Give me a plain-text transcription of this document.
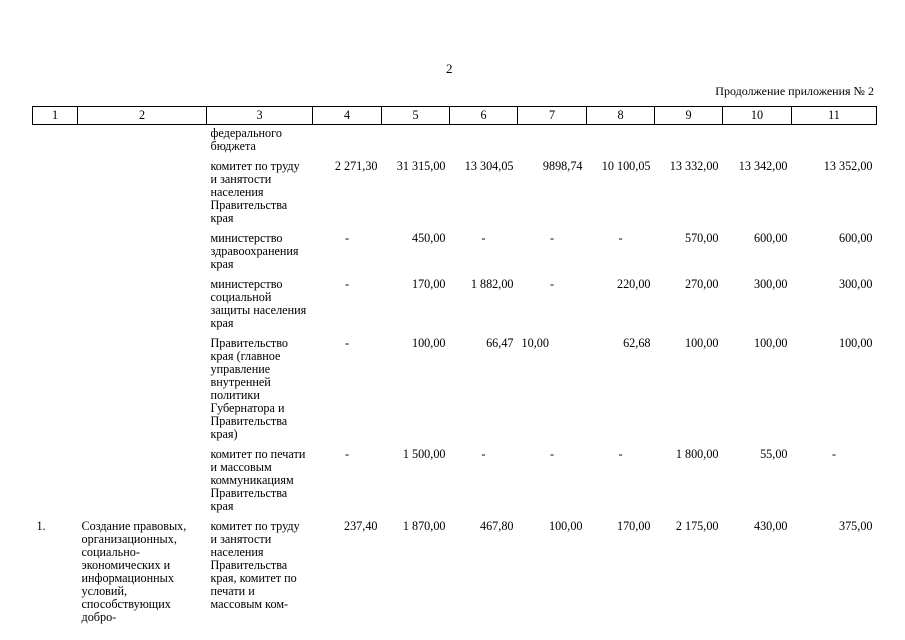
2
Продолжение приложения № 2
1	2	3	4	5	6	7	8	9	10	11
		федерального бюджета								
		комитет по труду и занятости населения Правительства края	2 271,30	31 315,00	13 304,05	9898,74	10 100,05	13 332,00	13 342,00	13 352,00
		министерство здравоохранения края	-	450,00	-	-	-	570,00	600,00	600,00
		министерство социальной защиты населения края	-	170,00	1 882,00	-	220,00	270,00	300,00	300,00
		Правительство края (главное управление внутренней политики Губернатора и Правительства края)	-	100,00	66,47	10,00	62,68	100,00	100,00	100,00
		комитет по печати и массовым коммуникациям Правительства края	-	1 500,00	-	-	-	1 800,00	55,00	-
1.	Создание правовых, организационных, социально-экономических и информационных условий, способствующих добро-	комитет по труду и занятости населения Правительства края, комитет по печати и массовым ком-	237,40	1 870,00	467,80	100,00	170,00	2 175,00	430,00	375,00
